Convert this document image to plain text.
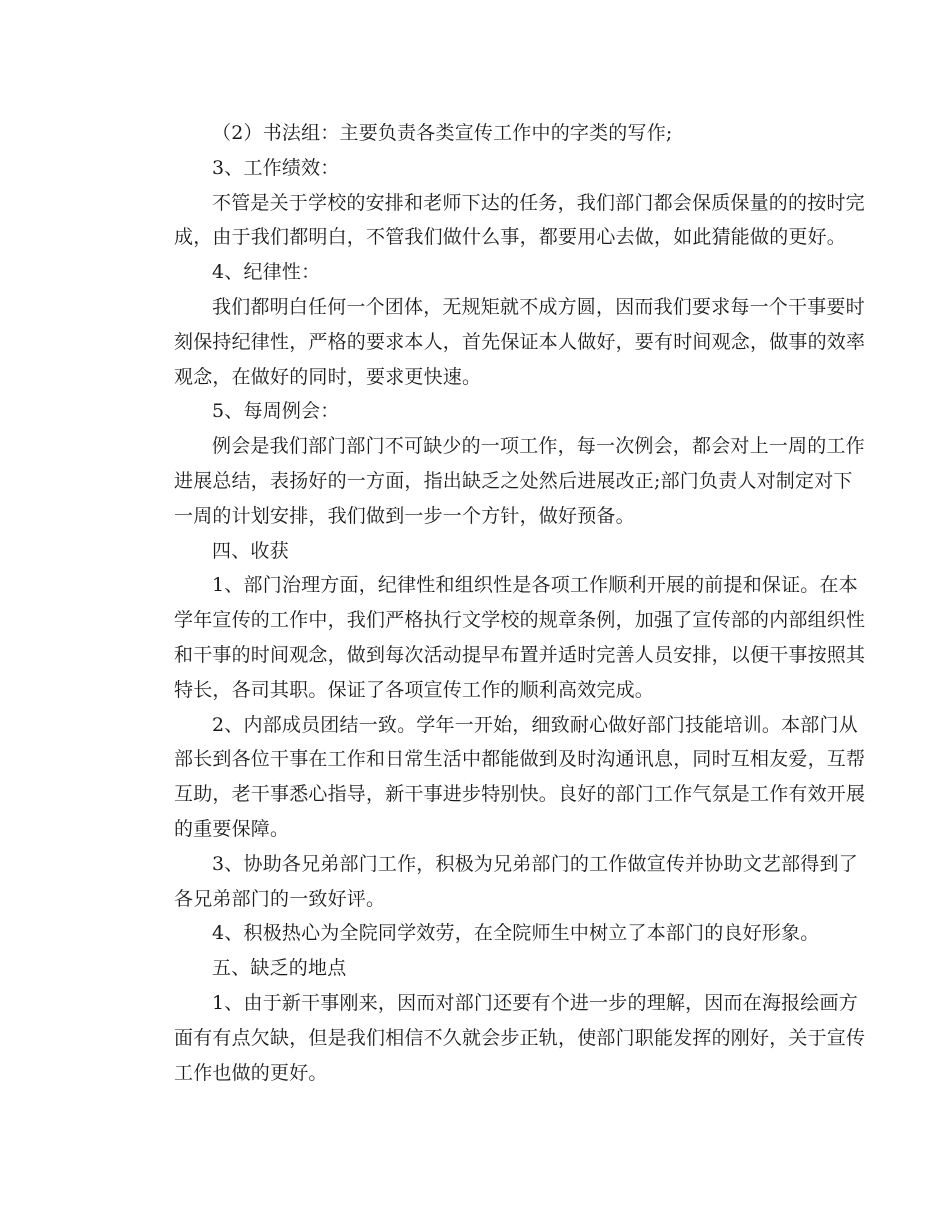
（2）书法组：主要负责各类宣传工作中的字类的写作;
3、工作绩效：
不管是关于学校的安排和老师下达的任务，我们部门都会保质保量的的按时完
成，由于我们都明白，不管我们做什么事，都要用心去做，如此猜能做的更好。
4、纪律性：
我们都明白任何一个团体，无规矩就不成方圆，因而我们要求每一个干事要时
刻保持纪律性，严格的要求本人，首先保证本人做好，要有时间观念，做事的效率
观念，在做好的同时，要求更快速。
5、每周例会：
例会是我们部门部门不可缺少的一项工作，每一次例会，都会对上一周的工作
进展总结，表扬好的一方面，指出缺乏之处然后进展改正;部门负责人对制定对下
一周的计划安排，我们做到一步一个方针，做好预备。
四、收获
1、部门治理方面，纪律性和组织性是各项工作顺利开展的前提和保证。在本
学年宣传的工作中，我们严格执行文学校的规章条例，加强了宣传部的内部组织性
和干事的时间观念，做到每次活动提早布置并适时完善人员安排，以便干事按照其
特长，各司其职。保证了各项宣传工作的顺利高效完成。
2、内部成员团结一致。学年一开始，细致耐心做好部门技能培训。本部门从
部长到各位干事在工作和日常生活中都能做到及时沟通讯息，同时互相友爱，互帮
互助，老干事悉心指导，新干事进步特别快。良好的部门工作气氛是工作有效开展
的重要保障。
3、协助各兄弟部门工作，积极为兄弟部门的工作做宣传并协助文艺部得到了
各兄弟部门的一致好评。
4、积极热心为全院同学效劳，在全院师生中树立了本部门的良好形象。
五、缺乏的地点
1、由于新干事刚来，因而对部门还要有个进一步的理解，因而在海报绘画方
面有有点欠缺，但是我们相信不久就会步正轨，使部门职能发挥的刚好，关于宣传
工作也做的更好。
